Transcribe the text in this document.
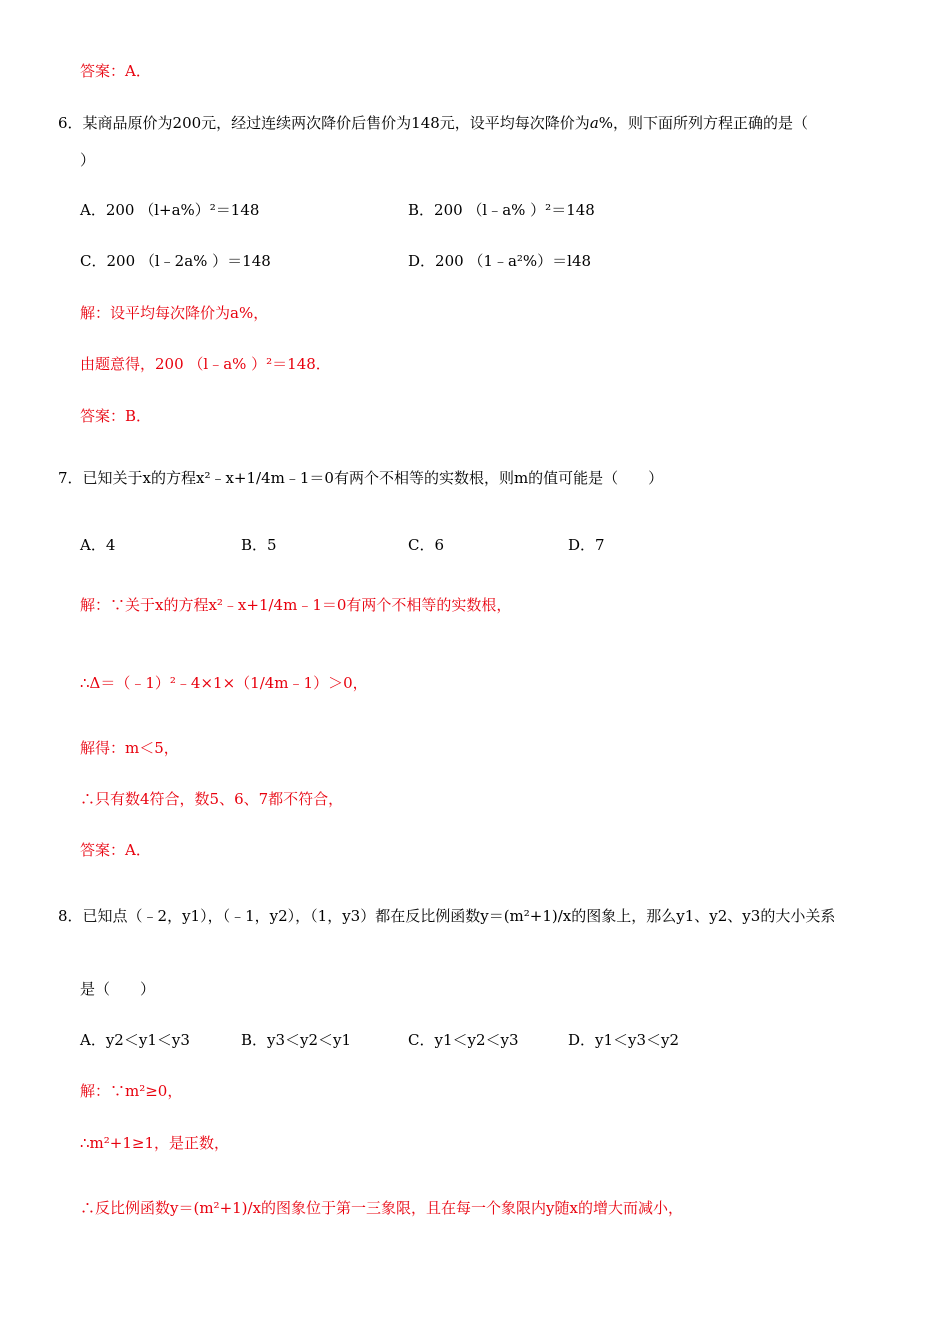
答案：A．
6．某商品原价为200元，经过连续两次降价后售价为148元，设平均每次降价为a%，则下面所列方程正确的是（
）
A．200 （l+a%）²＝148	B．200 （l﹣a% ）²＝148
C．200 （l﹣2a% ）＝148	D．200 （1﹣a²%）＝l48
解：设平均每次降价为a%，
由题意得，200 （l﹣a% ）²＝148．
答案：B．
7．已知关于x的方程x²﹣x+1/4m﹣1＝0有两个不相等的实数根，则m的值可能是（　　）
A．4	B．5	C．6	D．7
解：∵关于x的方程x²﹣x+1/4m﹣1＝0有两个不相等的实数根，
∴Δ＝（﹣1）²﹣4×1×（1/4m﹣1）＞0，
解得：m＜5，
∴只有数4符合，数5、6、7都不符合，
答案：A．
8．已知点（﹣2，y1），（﹣1，y2），（1，y3）都在反比例函数y＝(m²+1)/x的图象上，那么y1、y2、y3的大小关系
是（　　）
A．y2＜y1＜y3	B．y3＜y2＜y1	C．y1＜y2＜y3	D．y1＜y3＜y2
解：∵m²≥0，
∴m²+1≥1，是正数，
∴反比例函数y＝(m²+1)/x的图象位于第一三象限，且在每一个象限内y随x的增大而减小，
